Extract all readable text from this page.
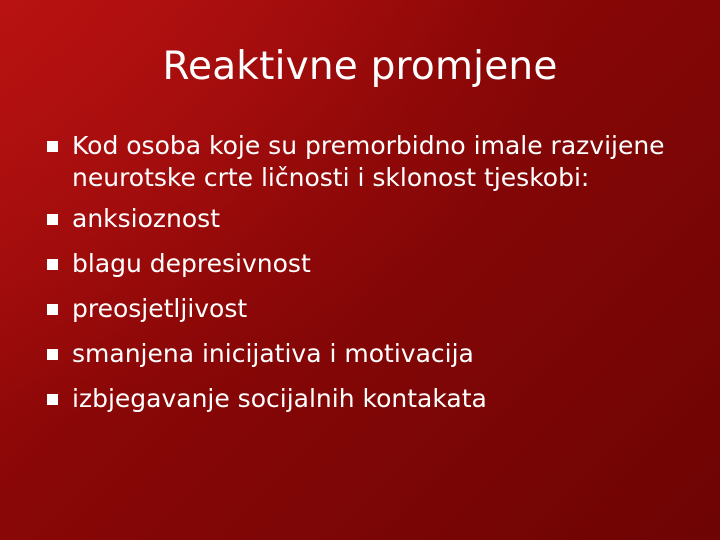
Reaktivne promjene
Kod osoba koje su premorbidno imale razvijene neurotske crte ličnosti i sklonost tjeskobi:
anksioznost
blagu depresivnost
preosjetljivost
smanjena inicijativa i motivacija
izbjegavanje socijalnih kontakata
